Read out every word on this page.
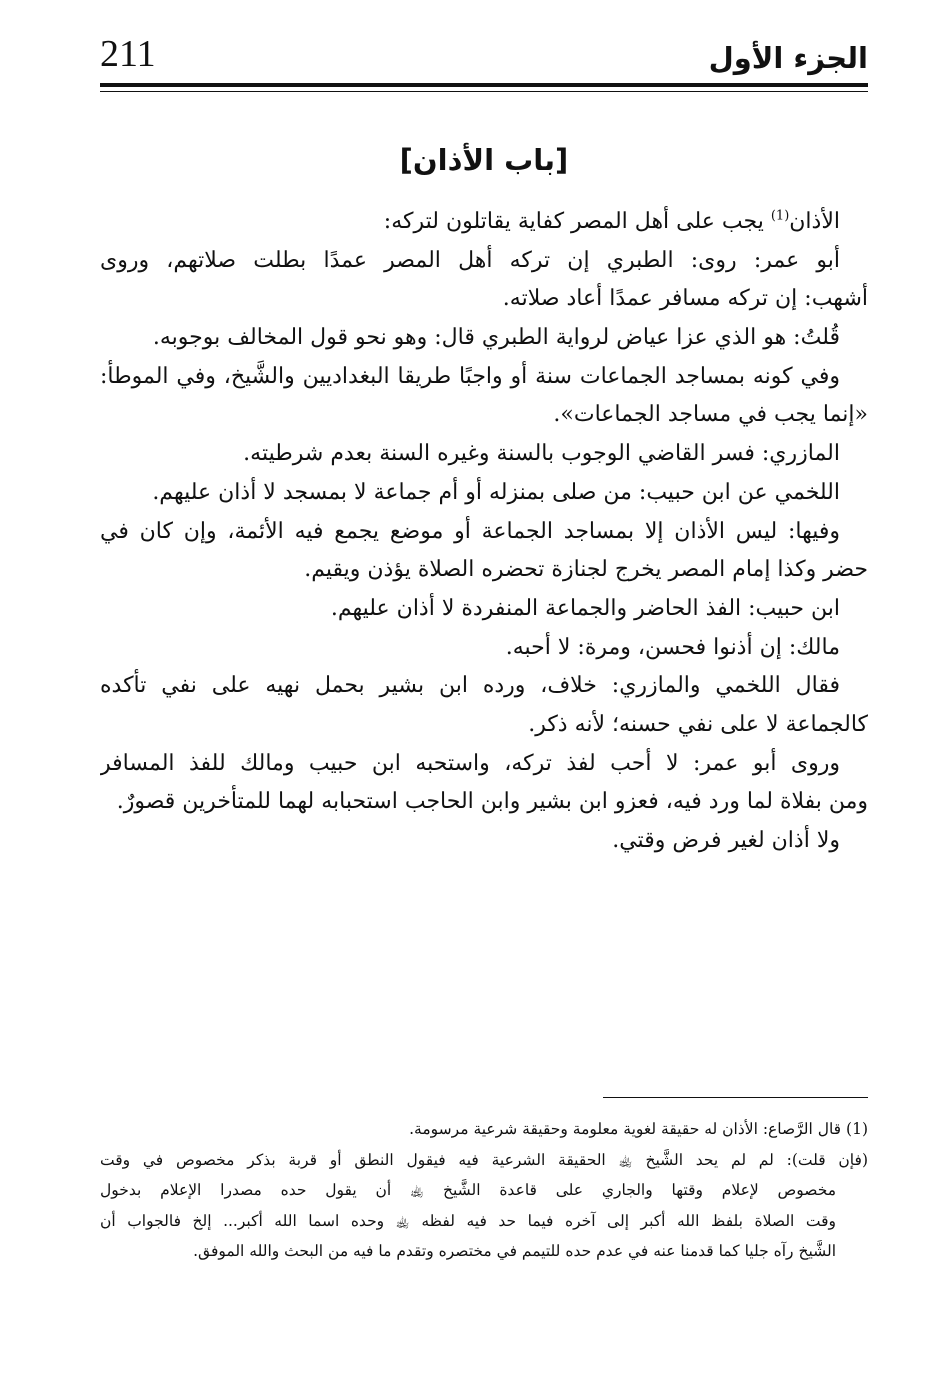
211	الجزء الأول
[باب الأذان]
الأذان$^{(1)}$ يجب على أهل المصر كفاية يقاتلون لتركه:
أبو عمر: روى: الطبري إن تركه أهل المصر عمدًا بطلت صلاتهم، وروى
أشهب: إن تركه مسافر عمدًا أعاد صلاته.
قُلتُ: هو الذي عزا عياض لرواية الطبري قال: وهو نحو قول المخالف بوجوبه.
وفي كونه بمساجد الجماعات سنة أو واجبًا طريقا البغداديين والشَّيخ، وفي الموطأ:
«إنما يجب في مساجد الجماعات».
المازري: فسر القاضي الوجوب بالسنة وغيره السنة بعدم شرطيته.
اللخمي عن ابن حبيب: من صلى بمنزله أو أم جماعة لا بمسجد لا أذان عليهم.
وفيها: ليس الأذان إلا بمساجد الجماعة أو موضع يجمع فيه الأئمة، وإن كان في
حضر وكذا إمام المصر يخرج لجنازة تحضره الصلاة يؤذن ويقيم.
ابن حبيب: الفذ الحاضر والجماعة المنفردة لا أذان عليهم.
مالك: إن أذنوا فحسن، ومرة: لا أحبه.
فقال اللخمي والمازري: خلاف، ورده ابن بشير بحمل نهيه على نفي تأكده
كالجماعة لا على نفي حسنه؛ لأنه ذكر.
وروى أبو عمر: لا أحب لفذ تركه، واستحبه ابن حبيب ومالك للفذ المسافر
ومن بفلاة لما ورد فيه، فعزو ابن بشير وابن الحاجب استحبابه لهما للمتأخرين قصورٌ.
ولا أذان لغير فرض وقتي.
(1) قال الرَّصاع: الأذان له حقيقة لغوية معلومة وحقيقة شرعية مرسومة.
(فإن قلت): لم لم يحد الشَّيخ ﵀ الحقيقة الشرعية فيه فيقول النطق أو قربة بذكر مخصوص في وقت
مخصوص لإعلام وقتها والجاري على قاعدة الشَّيخ ﵀ أن يقول حده مصدرا الإعلام بدخول
وقت الصلاة بلفظ الله أكبر إلى آخره فيما حد فيه لفظه ﵀ وحده اسما الله أكبر... إلخ فالجواب أن
الشَّيخ رآه جليا كما قدمنا عنه في عدم حده للتيمم في مختصره وتقدم ما فيه من البحث والله الموفق.
